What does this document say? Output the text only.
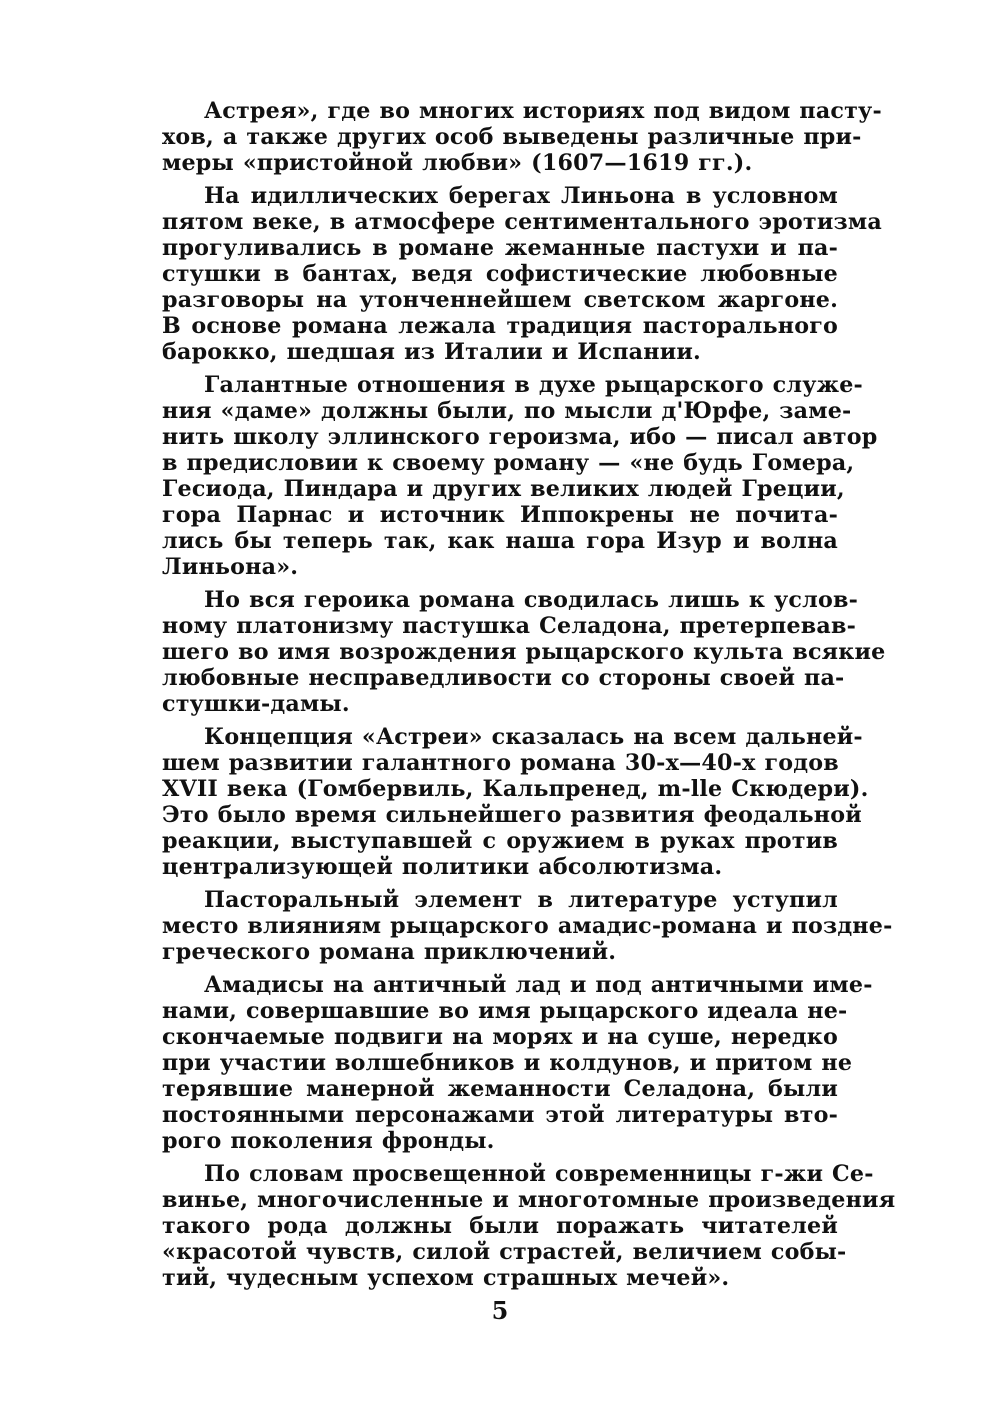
Астрея», где во многих историях под видом пасту-
хов, а также других особ выведены различные при-
меры «пристойной любви» (1607—1619 гг.).
На идиллических берегах Линьона в условном
пятом веке, в атмосфере сентиментального эротизма
прогуливались в романе жеманные пастухи и па-
стушки в бантах, ведя софистические любовные
разговоры на утонченнейшем светском жаргоне.
В основе романа лежала традиция пасторального
барокко, шедшая из Италии и Испании.
Галантные отношения в духе рыцарского служе-
ния «даме» должны были, по мысли д'Юрфе, заме-
нить школу эллинского героизма, ибо — писал автор
в предисловии к своему роману — «не будь Гомера,
Гесиода, Пиндара и других великих людей Греции,
гора Парнас и источник Иппокрены не почита-
лись бы теперь так, как наша гора Изур и волна
Линьона».
Но вся героика романа сводилась лишь к услов-
ному платонизму пастушка Селадона, претерпевав-
шего во имя возрождения рыцарского культа всякие
любовные несправедливости со стороны своей па-
стушки-дамы.
Концепция «Астреи» сказалась на всем дальней-
шем развитии галантного романа 30-х—40-х годов
XVII века (Гомбервиль, Кальпренед, m-lle Скюдери).
Это было время сильнейшего развития феодальной
реакции, выступавшей с оружием в руках против
централизующей политики абсолютизма.
Пасторальный элемент в литературе уступил
место влияниям рыцарского амадис-романа и поздне-
греческого романа приключений.
Амадисы на античный лад и под античными име-
нами, совершавшие во имя рыцарского идеала не-
скончаемые подвиги на морях и на суше, нередко
при участии волшебников и колдунов, и притом не
терявшие манерной жеманности Селадона, были
постоянными персонажами этой литературы вто-
рого поколения фронды.
По словам просвещенной современницы г-жи Се-
винье, многочисленные и многотомные произведения
такого рода должны были поражать читателей
«красотой чувств, силой страстей, величием собы-
тий, чудесным успехом страшных мечей».
5
